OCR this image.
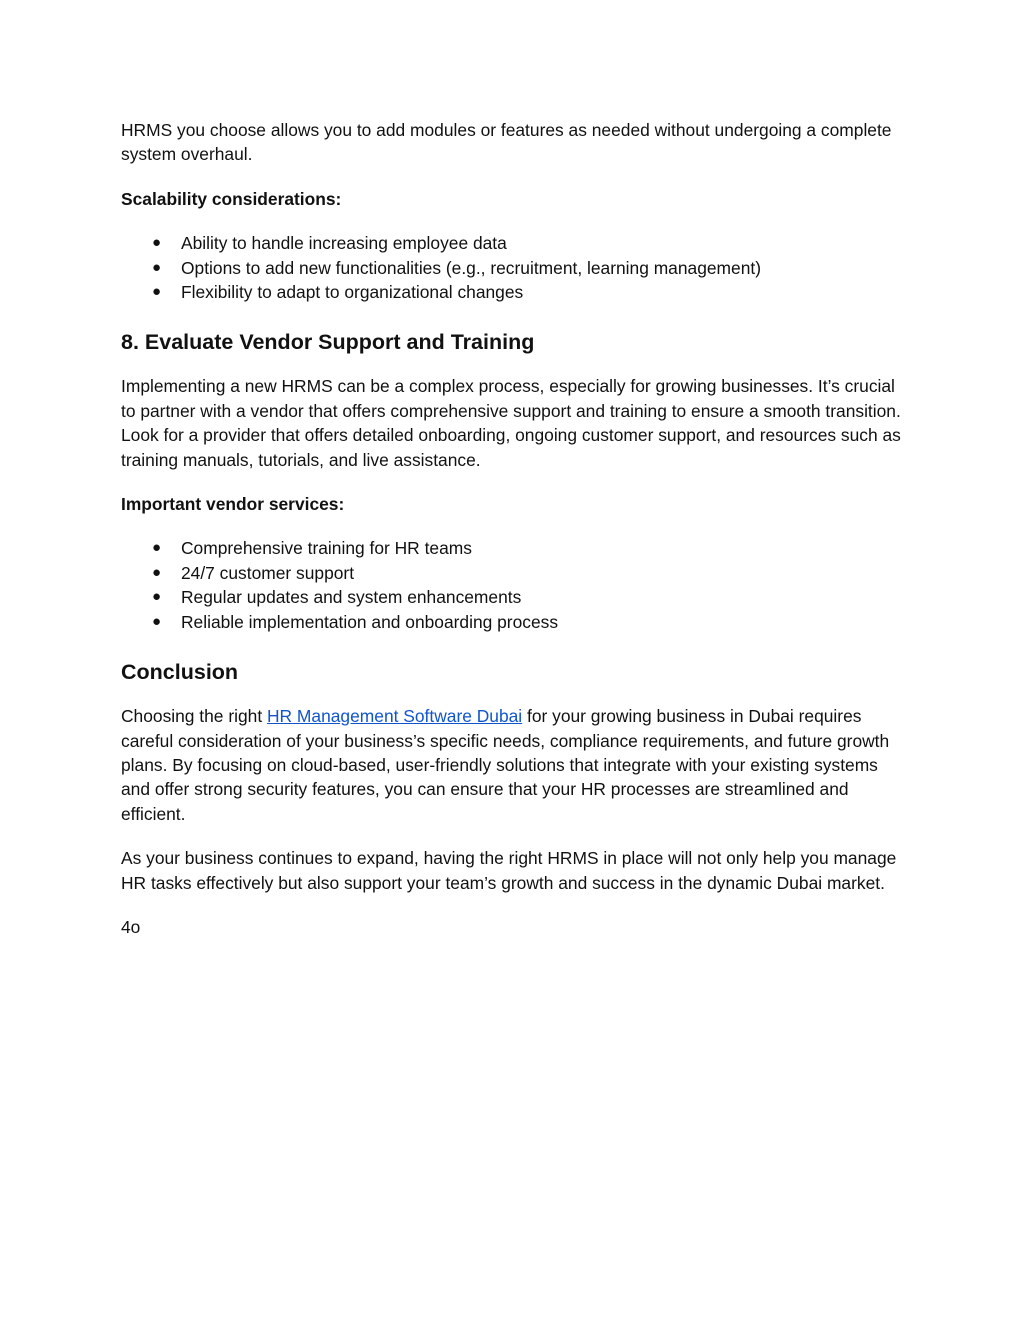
HRMS you choose allows you to add modules or features as needed without undergoing a complete system overhaul.

Scalability considerations:
● Ability to handle increasing employee data
● Options to add new functionalities (e.g., recruitment, learning management)
● Flexibility to adapt to organizational changes
8. Evaluate Vendor Support and Training

Implementing a new HRMS can be a complex process, especially for growing businesses. It’s crucial to partner with a vendor that offers comprehensive support and training to ensure a smooth transition. Look for a provider that offers detailed onboarding, ongoing customer support, and resources such as training manuals, tutorials, and live assistance.

Important vendor services:
● Comprehensive training for HR teams
● 24/7 customer support
● Regular updates and system enhancements
● Reliable implementation and onboarding process
Conclusion

Choosing the right HR Management Software Dubai for your growing business in Dubai requires careful consideration of your business’s specific needs, compliance requirements, and future growth plans. By focusing on cloud-based, user-friendly solutions that integrate with your existing systems and offer strong security features, you can ensure that your HR processes are streamlined and efficient.

As your business continues to expand, having the right HRMS in place will not only help you manage HR tasks effectively but also support your team’s growth and success in the dynamic Dubai market.

4o
